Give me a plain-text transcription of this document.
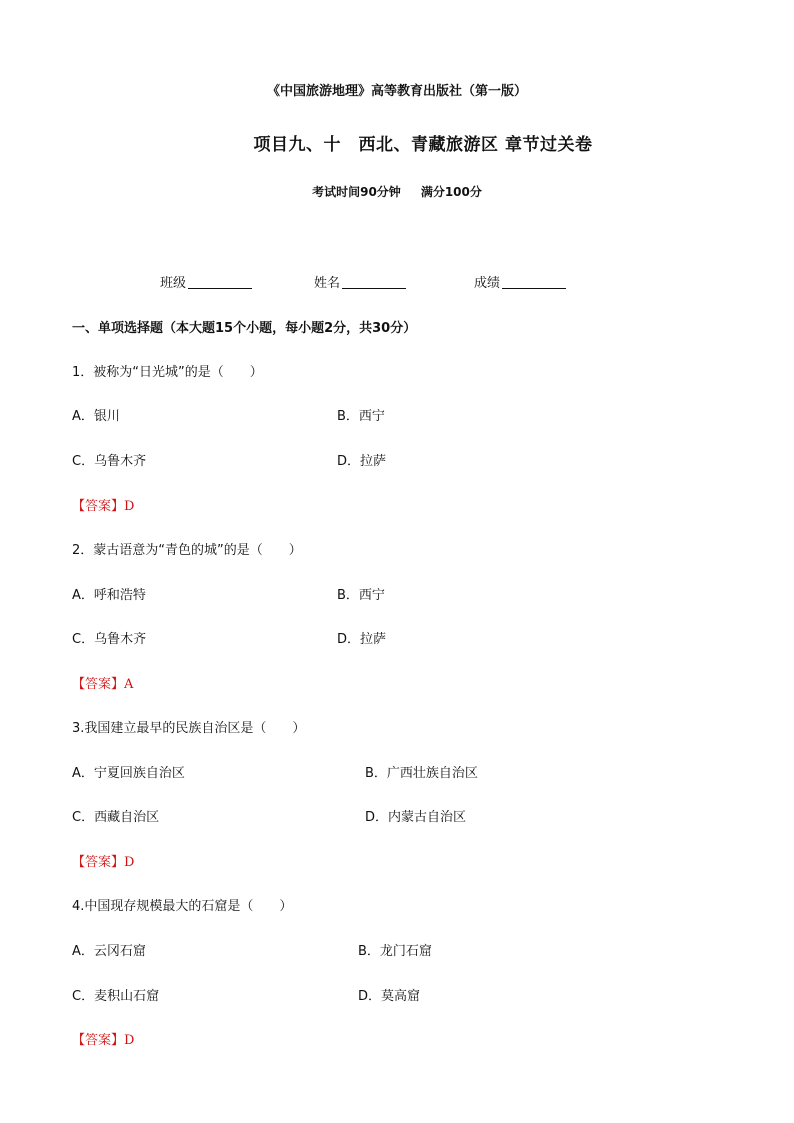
《中国旅游地理》高等教育出版社（第一版）
项目九、十　西北、青藏旅游区 章节过关卷
考试时间90分钟 满分100分
班级	姓名	成绩
一、单项选择题（本大题15个小题，每小题2分，共30分）
1．被称为“日光城”的是（　　）
A．银川	B．西宁
C．乌鲁木齐	D．拉萨
【答案】D
2．蒙古语意为“青色的城”的是（　　）
A．呼和浩特	B．西宁
C．乌鲁木齐	D．拉萨
【答案】A
3.我国建立最早的民族自治区是（　　）
A．宁夏回族自治区	B．广西壮族自治区
C．西藏自治区	D．内蒙古自治区
【答案】D
4.中国现存规模最大的石窟是（　　）
A．云冈石窟	B．龙门石窟
C．麦积山石窟	D．莫高窟
【答案】D
